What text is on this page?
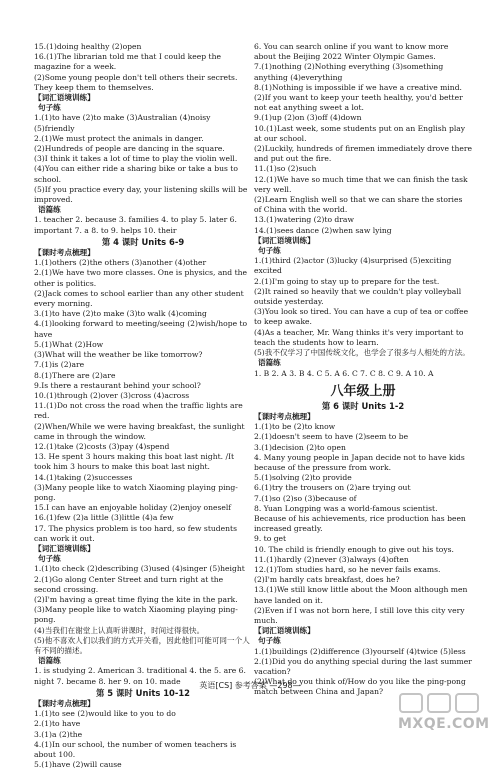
15.(1)doing healthy (2)open
16.(1)The librarian told me that I could keep the magazine for a week.
(2)Some young people don't tell others their secrets. They keep them to themselves.
【词汇语境训练】
句子练
1.(1)to have (2)to make (3)Australian (4)noisy (5)friendly
2.(1)We must protect the animals in danger.
(2)Hundreds of people are dancing in the square.
(3)I think it takes a lot of time to play the violin well.
(4)You can either ride a sharing bike or take a bus to school.
(5)If you practice every day, your listening skills will be improved.
语篇练
1. teacher 2. because 3. families 4. to play 5. later 6. important 7. a 8. to 9. helps 10. their
第 4 课时 Units 6-9
【课时考点梳理】
1.(1)others (2)the others (3)another (4)other
2.(1)We have two more classes. One is physics, and the other is politics.
(2)Jack comes to school earlier than any other student every morning.
3.(1)to have (2)to make (3)to walk (4)coming
4.(1)looking forward to meeting/seeing (2)wish/hope to have
5.(1)What (2)How
(3)What will the weather be like tomorrow?
7.(1)is (2)are
8.(1)There are (2)are
9.Is there a restaurant behind your school?
10.(1)through (2)over (3)cross (4)across
11.(1)Do not cross the road when the traffic lights are red.
(2)When/While we were having breakfast, the sunlight came in through the window.
12.(1)take (2)costs (3)pay (4)spend
13. He spent 3 hours making this boat last night. /It took him 3 hours to make this boat last night.
14.(1)taking (2)successes
(3)Many people like to watch Xiaoming playing ping-pong.
15.I can have an enjoyable holiday (2)enjoy oneself
16.(1)few (2)a little (3)little (4)a few
17. The physics problem is too hard, so few students can work it out.
【词汇语境训练】
句子练
1.(1)to check (2)describing (3)used (4)singer (5)height
2.(1)Go along Center Street and turn right at the second crossing.
(2)I'm having a great time flying the kite in the park.
(3)Many people like to watch Xiaoming playing ping-pong.
(4)当我们在谢堂上认真听讲课时，时间过得很快。
(5)他不喜欢人们以我们的方式开关看，因此他们可能可同一个人有不同的描述。
语篇练
1. is studying 2. American 3. traditional 4. the 5. are 6. night 7. became 8. her 9. on 10. made
第 5 课时 Units 10-12
【课时考点梳理】
1.(1)to see (2)would like to you to do
2.(1)to have
3.(1)a (2)the
4.(1)In our school, the number of women teachers is about 100.
5.(1)have (2)will cause
6. You can search online if you want to know more about the Beijing 2022 Winter Olympic Games.
7.(1)nothing (2)Nothing everything (3)something anything (4)everything
8.(1)Nothing is impossible if we have a creative mind.
(2)If you want to keep your teeth healthy, you'd better not eat anything sweet a lot.
9.(1)up (2)on (3)off (4)down
10.(1)Last week, some students put on an English play at our school.
(2)Luckily, hundreds of firemen immediately drove there and put out the fire.
11.(1)so (2)such
12.(1)We have so much time that we can finish the task very well.
(2)Learn English well so that we can share the stories of China with the world.
13.(1)watering (2)to draw
14.(1)sees dance (2)when saw lying
【词汇语境训练】
句子练
1.(1)third (2)actor (3)lucky (4)surprised (5)exciting excited
2.(1)I'm going to stay up to prepare for the test.
(2)It rained so heavily that we couldn't play volleyball outside yesterday.
(3)You look so tired. You can have a cup of tea or coffee to keep awake.
(4)As a teacher, Mr. Wang thinks it's very important to teach the students how to learn.
(5)我不仅学习了中国传统文化，也学会了很多与人相处的方法。
语篇练
1. B 2. A 3. B 4. C 5. A 6. C 7. C 8. C 9. A 10. A
八年级上册
第 6 课时 Units 1-2
【课时考点梳理】
1.(1)to be (2)to know
2.(1)doesn't seem to have (2)seem to be
3.(1)decision (2)to open
4. Many young people in Japan decide not to have kids because of the pressure from work.
5.(1)solving (2)to provide
6.(1)try the trousers on (2)are trying out
7.(1)so (2)so (3)because of
8. Yuan Longping was a world-famous scientist. Because of his achievements, rice production has been increased greatly.
9. to get
10. The child is friendly enough to give out his toys.
11.(1)hardly (2)never (3)always (4)often
12.(1)Tom studies hard, so he never fails exams.
(2)I'm hardly cats breakfast, does he?
13.(1)We still know little about the Moon although men have landed on it.
(2)Even if I was not born here, I still love this city very much.
【词汇语境训练】
句子练
1.(1)buildings (2)difference (3)yourself (4)twice (5)less
2.(1)Did you do anything special during the last summer vacation?
(2)What do you think of/How do you like the ping-pong match between China and Japan?
英语[CS] 参考答案 —298—
MXQE.COM
